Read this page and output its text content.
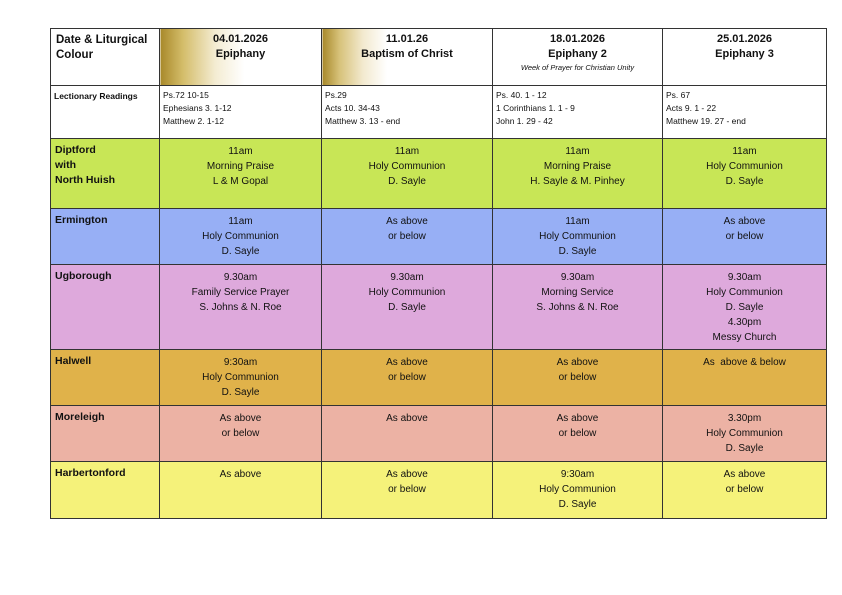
Date & Liturgical Colour	04.01.2026
Epiphany	11.01.26
Baptism of Christ	18.01.2026
Epiphany 2
Week of Prayer for Christian Unity	25.01.2026
Epiphany 3

Lectionary Readings	Ps.72 10-15
Ephesians 3. 1-12
Matthew 2. 1-12	Ps.29
Acts 10. 34-43
Matthew 3. 13 - end	Ps. 40. 1 - 12
1 Corinthians 1. 1 - 9
John 1. 29 - 42	Ps. 67
Acts 9. 1 - 22
Matthew 19. 27 - end

Diptford
with
North Huish	11am
Morning Praise
L & M Gopal	11am
Holy Communion
D. Sayle	11am
Morning Praise
H. Sayle & M. Pinhey	11am
Holy Communion
D. Sayle

Ermington	11am
Holy Communion
D. Sayle	As above
or below	11am
Holy Communion
D. Sayle	As above
or below

Ugborough	9.30am
Family Service Prayer
S. Johns & N. Roe	9.30am
Holy Communion
D. Sayle	9.30am
Morning Service
S. Johns & N. Roe	9.30am
Holy Communion
D. Sayle
4.30pm
Messy Church

Halwell	9:30am
Holy Communion
D. Sayle	As above
or below	As above
or below	As  above & below

Moreleigh	As above
or below	As above	As above
or below	3.30pm
Holy Communion
D. Sayle

Harbertonford	As above	As above
or below	9:30am
Holy Communion
D. Sayle	As above
or below
